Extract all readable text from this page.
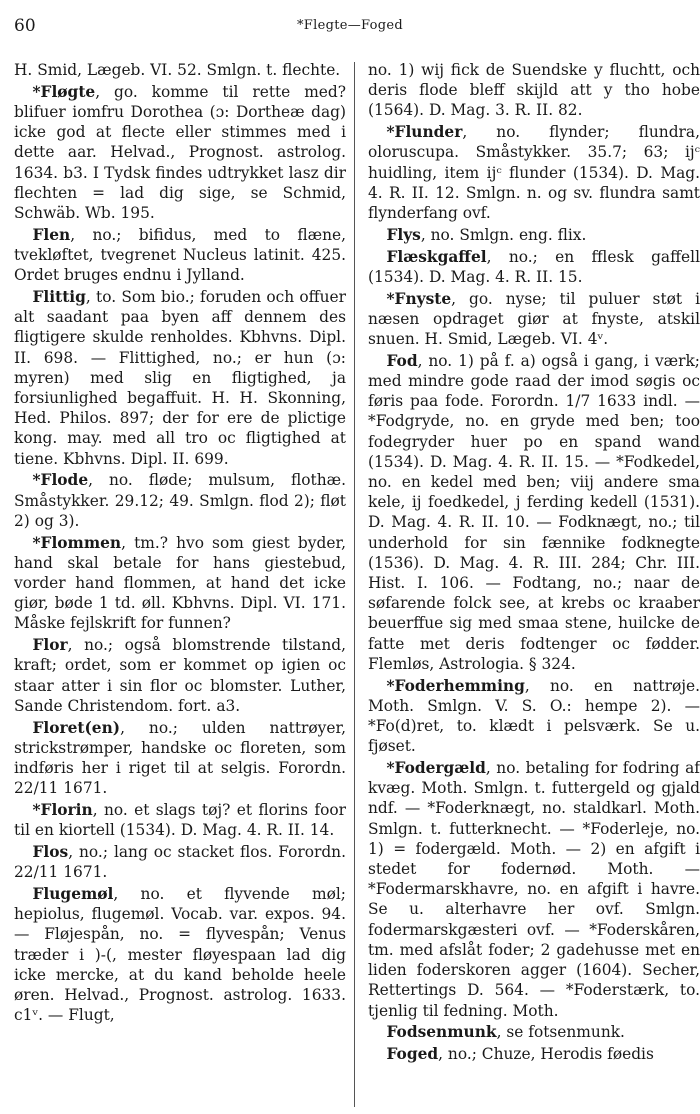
60	*Flegte—Foged

H. Smid, Lægeb. VI. 52. Smlgn. t. flechte.

*Fløgte, go. komme til rette med? blifuer iomfru Dorothea (ɔ: Dortheæ dag) icke god at flecte eller stimmes med i dette aar. Helvad., Prognost. astrolog. 1634. b3. I Tydsk findes udtrykket lasz dir flechten = lad dig sige, se Schmid, Schwäb. Wb. 195.

Flen, no.; bifidus, med to flæne, tvekløftet, tvegrenet Nucleus latinit. 425. Ordet bruges endnu i Jylland.

Flittig, to. Som bio.; foruden och offuer alt saadant paa byen aff dennem des fligtigere skulde renholdes. Kbhvns. Dipl. II. 698. — Flittighed, no.; er hun (ɔ: myren) med slig en fligtighed, ja forsiunlighed begaffuit. H. H. Skonning, Hed. Philos. 897; der for ere de plictige kong. may. med all tro oc fligtighed at tiene. Kbhvns. Dipl. II. 699.

*Flode, no. fløde; mulsum, flothæ. Småstykker. 29.12; 49. Smlgn. flod 2); fløt 2) og 3).

*Flommen, tm.? hvo som giest byder, hand skal betale for hans giestebud, vorder hand flommen, at hand det icke giør, bøde 1 td. øll. Kbhvns. Dipl. VI. 171. Måske fejlskrift for funnen?

Flor, no.; også blomstrende tilstand, kraft; ordet, som er kommet op igien oc staar atter i sin flor oc blomster. Luther, Sande Christendom. fort. a3.

Floret(en), no.; ulden nattrøyer, strickstrømper, handske oc floreten, som indføris her i riget til at selgis. Forordn. 22/11 1671.

*Florin, no. et slags tøj? et florins foor til en kiortell (1534). D. Mag. 4. R. II. 14.

Flos, no.; lang oc stacket flos. Forordn. 22/11 1671.

Flugemøl, no. et flyvende møl; hepiolus, flugemøl. Vocab. var. expos. 94. — Fløjespån, no. = flyvespån; Venus træder i )-(, mester fløyespaan lad dig icke mercke, at du kand beholde heele øren. Helvad., Prognost. astrolog. 1633. c1ᵛ. — Flugt,

no. 1) wij fick de Suendske y fluchtt, och deris flode bleff skijld att y tho hobe (1564). D. Mag. 3. R. II. 82.

*Flunder, no. flynder; flundra, oloruscupa. Småstykker. 35.7; 63; ijᶜ huidling, item ijᶜ flunder (1534). D. Mag. 4. R. II. 12. Smlgn. n. og sv. flundra samt flynderfang ovf.

Flys, no. Smlgn. eng. flix.

Flæskgaffel, no.; en fflesk gaffell (1534). D. Mag. 4. R. II. 15.

*Fnyste, go. nyse; til puluer støt i næsen opdraget giør at fnyste, atskil snuen. H. Smid, Lægeb. VI. 4ᵛ.

Fod, no. 1) på f. a) også i gang, i værk; med mindre gode raad der imod søgis oc føris paa fode. Forordn. 1/7 1633 indl. — *Fodgryde, no. en gryde med ben; too fodegryder huer po en spand wand (1534). D. Mag. 4. R. II. 15. — *Fodkedel, no. en kedel med ben; viij andere sma kele, ij foedkedel, j ferding kedell (1531). D. Mag. 4. R. II. 10. — Fodknægt, no.; til underhold for sin fænnike fodknegte (1536). D. Mag. 4. R. III. 284; Chr. III. Hist. I. 106. — Fodtang, no.; naar de søfarende folck see, at krebs oc kraaber beuerffue sig med smaa stene, huilcke de fatte met deris fodtenger oc fødder. Flemløs, Astrologia. § 324.

*Foderhemming, no. en nattrøje. Moth. Smlgn. V. S. O.: hempe 2). — *Fo(d)ret, to. klædt i pelsværk. Se u. fjøset.

*Fodergæld, no. betaling for fodring af kvæg. Moth. Smlgn. t. futtergeld og gjald ndf. — *Foderknægt, no. staldkarl. Moth. Smlgn. t. futterknecht. — *Foderleje, no. 1) = fodergæld. Moth. — 2) en afgift i stedet for fodernød. Moth. — *Fodermarskhavre, no. en afgift i havre. Se u. alterhavre her ovf. Smlgn. fodermarskgæsteri ovf. — *Foderskåren, tm. med afslåt foder; 2 gadehusse met en liden foderskoren agger (1604). Secher, Rettertings D. 564. — *Foderstærk, to. tjenlig til fedning. Moth.

Fodsenmunk, se fotsenmunk.

Foged, no.; Chuze, Herodis føedis
